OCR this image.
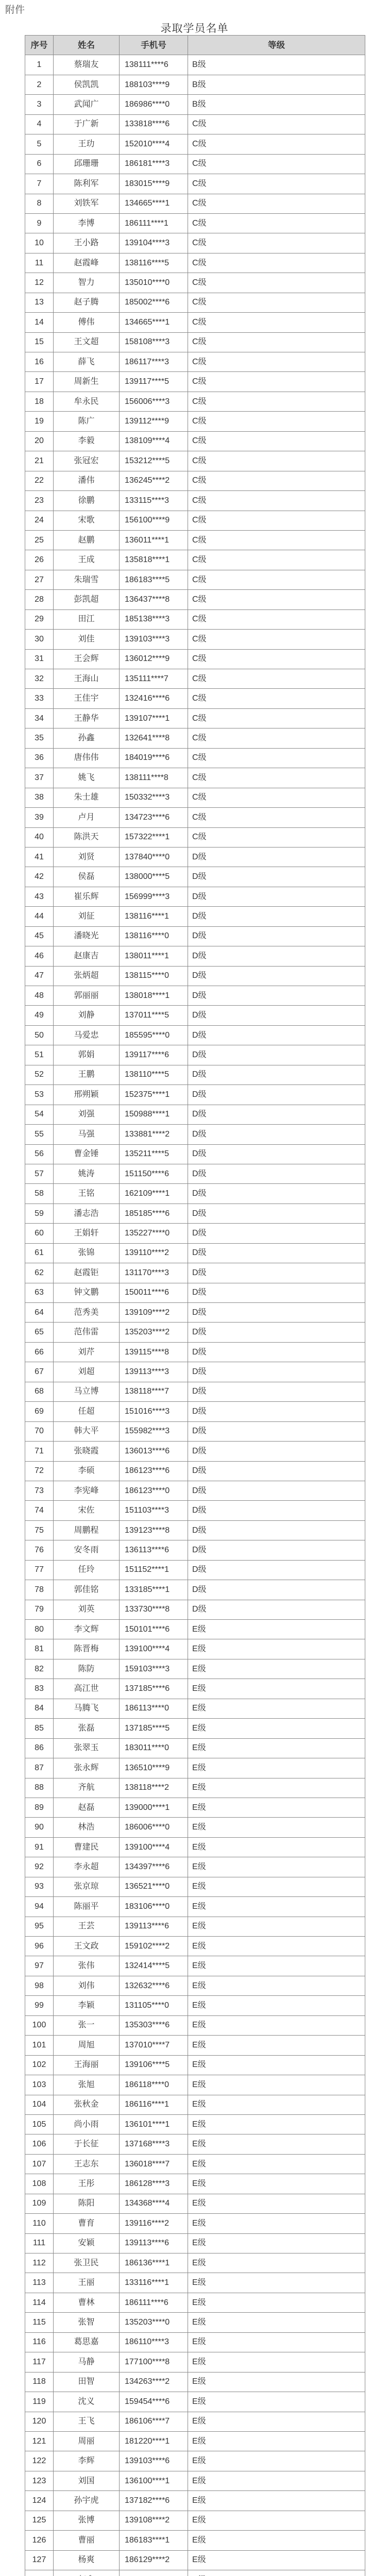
附件
录取学员名单
序号	姓名	手机号	等级
1	蔡瑞友	138111****6	B级
2	侯凯凯	188103****9	B级
3	武闻广	186986****0	B级
4	于广新	133818****6	C级
5	王玏	152010****4	C级
6	邱珊珊	186181****3	C级
7	陈利军	183015****9	C级
8	刘铁军	134665****1	C级
9	李博	186111****1	C级
10	王小路	139104****3	C级
11	赵霞峰	138116****5	C级
12	智力	135010****0	C级
13	赵子腾	185002****6	C级
14	傅伟	134665****1	C级
15	王文超	158108****3	C级
16	薛飞	186117****3	C级
17	周新生	139117****5	C级
18	牟永民	156006****3	C级
19	陈广	139112****9	C级
20	李毅	138109****4	C级
21	张冠宏	153212****5	C级
22	潘伟	136245****2	C级
23	徐鹏	133115****3	C级
24	宋歌	156100****9	C级
25	赵鹏	136011****1	C级
26	王成	135818****1	C级
27	朱瑞雪	186183****5	C级
28	彭凯超	136437****8	C级
29	田江	185138****3	C级
30	刘佳	139103****3	C级
31	王会辉	136012****9	C级
32	王海山	135111****7	C级
33	王佳宇	132416****6	C级
34	王静华	139107****1	C级
35	孙鑫	132641****8	C级
36	唐伟伟	184019****6	C级
37	姚飞	138111****8	C级
38	朱士雄	150332****3	C级
39	卢月	134723****6	C级
40	陈洪天	157322****1	C级
41	刘贤	137840****0	D级
42	侯磊	138000****5	D级
43	崔乐辉	156999****3	D级
44	刘征	138116****1	D级
45	潘晓光	138116****0	D级
46	赵康吉	138011****1	D级
47	张炳超	138115****0	D级
48	郭丽丽	138018****1	D级
49	刘静	137011****5	D级
50	马爱忠	185595****0	D级
51	郭娟	139117****6	D级
52	王鹏	138110****5	D级
53	邢朔颖	152375****1	D级
54	刘强	150988****1	D级
55	马强	133881****2	D级
56	曹金锤	135211****5	D级
57	姚涛	151150****6	D级
58	王铭	162109****1	D级
59	潘志浩	185185****6	D级
60	王娟轩	135227****0	D级
61	张锦	139110****2	D级
62	赵霞钜	131170****3	D级
63	钟文鹏	150011****6	D级
64	范秀美	139109****2	D级
65	范伟雷	135203****2	D级
66	刘芹	139115****8	D级
67	刘超	139113****3	D级
68	马立博	138118****7	D级
69	任超	151016****3	D级
70	韩大平	155982****3	D级
71	张晓霞	136013****6	D级
72	李硕	186123****6	D级
73	李宪峰	186123****0	D级
74	宋佐	151103****3	D级
75	周鹏程	139123****8	D级
76	安冬雨	136113****6	D级
77	任玲	151152****1	D级
78	郭佳铭	133185****1	D级
79	刘英	133730****8	D级
80	李文辉	150101****6	E级
81	陈晋梅	139100****4	E级
82	陈防	159103****3	E级
83	高江世	137185****6	E级
84	马腾飞	186113****0	E级
85	张磊	137185****5	E级
86	张翠玉	183011****0	E级
87	张永辉	136510****9	E级
88	齐航	138118****2	E级
89	赵磊	139000****1	E级
90	林浩	186006****0	E级
91	曹建民	139100****4	E级
92	李永超	134397****6	E级
93	张京琼	136521****0	E级
94	陈丽平	183106****0	E级
95	王芸	139113****6	E级
96	王文政	159102****2	E级
97	张伟	132414****5	E级
98	刘伟	132632****6	E级
99	李颖	131105****0	E级
100	张一	135303****6	E级
101	周旭	137010****7	E级
102	王海丽	139106****5	E级
103	张旭	186118****0	E级
104	张秋金	186116****1	E级
105	尚小雨	136101****1	E级
106	于长征	137168****3	E级
107	王志东	136018****7	E级
108	王彤	186128****3	E级
109	陈阳	134368****4	E级
110	曹育	139116****2	E级
111	安颖	139113****6	E级
112	张卫民	186136****1	E级
113	王丽	133116****1	E级
114	曹林	186111****6	E级
115	张智	135203****0	E级
116	葛思嘉	186110****3	E级
117	马静	177100****8	E级
118	田智	134263****2	E级
119	沈义	159454****6	E级
120	王飞	186106****7	E级
121	周丽	181220****1	E级
122	李辉	139103****6	E级
123	刘国	136100****1	E级
124	孙宇虎	137182****6	E级
125	张博	139108****2	E级
126	曹丽	186183****1	E级
127	杨爽	186129****2	E级
